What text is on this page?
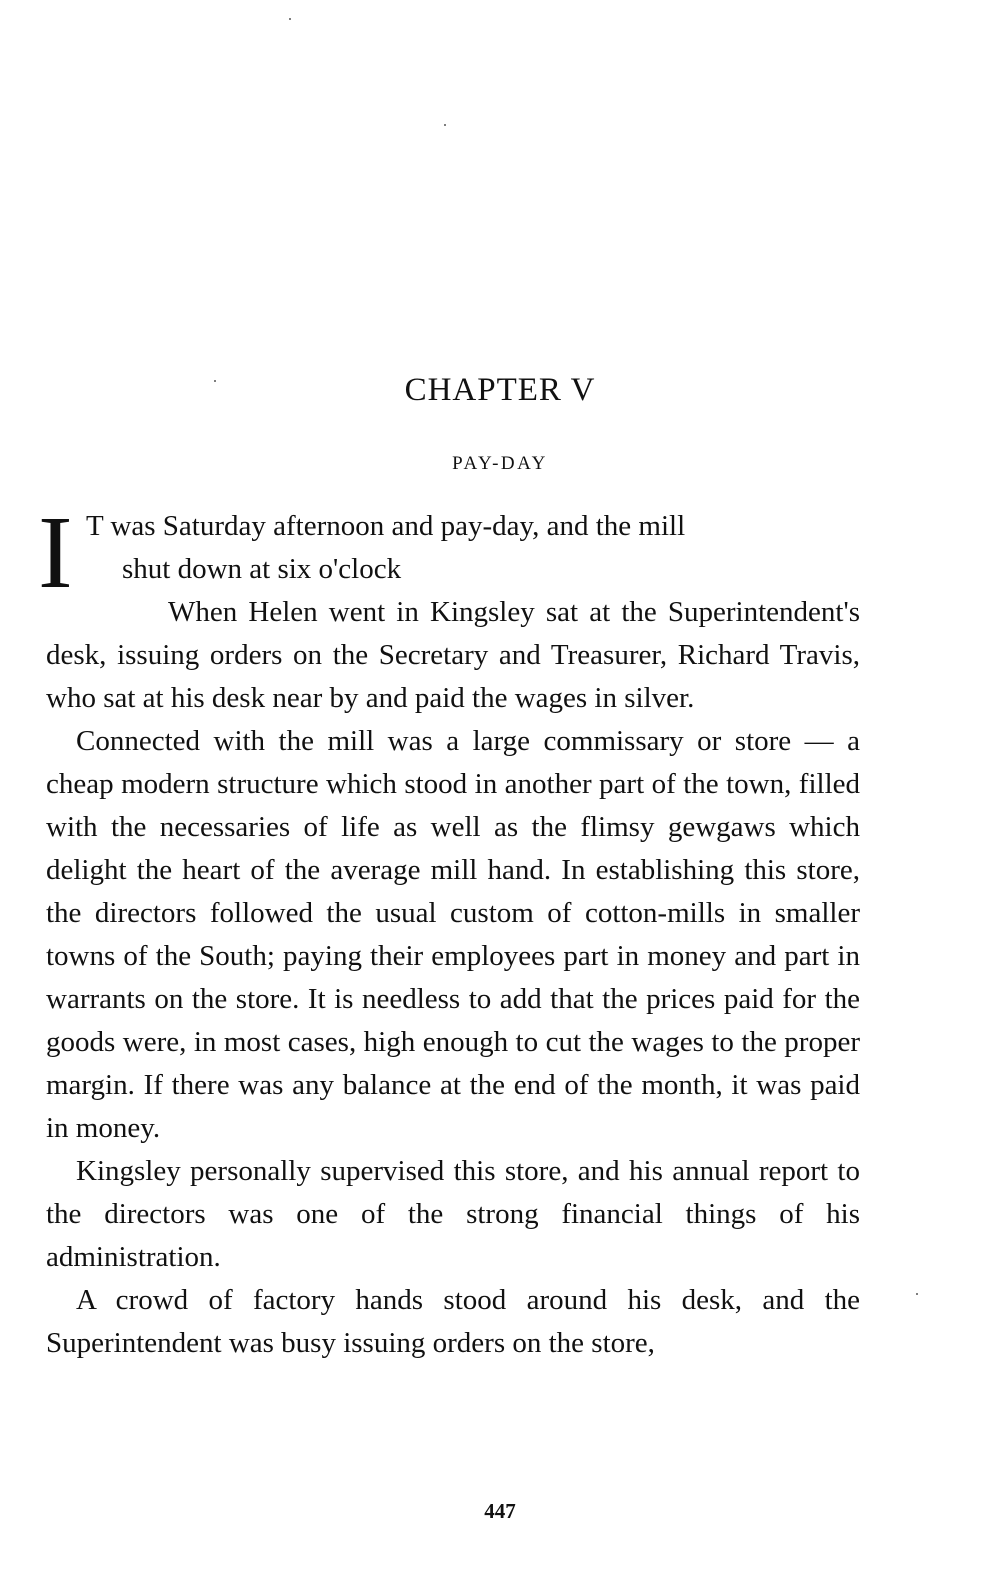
CHAPTER V
PAY-DAY
I T was Saturday afternoon and pay-day, and the mill
shut down at six o'clock

When Helen went in Kingsley sat at the Superintendent's desk, issuing orders on the Secretary and Treasurer, Richard Travis, who sat at his desk near by and paid the wages in silver.

Connected with the mill was a large commissary or store — a cheap modern structure which stood in another part of the town, filled with the necessaries of life as well as the flimsy gewgaws which delight the heart of the average mill hand. In establishing this store, the directors followed the usual custom of cotton-mills in smaller towns of the South; paying their employees part in money and part in warrants on the store. It is needless to add that the prices paid for the goods were, in most cases, high enough to cut the wages to the proper margin. If there was any balance at the end of the month, it was paid in money.

Kingsley personally supervised this store, and his annual report to the directors was one of the strong financial things of his administration.

A crowd of factory hands stood around his desk, and the Superintendent was busy issuing orders on the store,

447
